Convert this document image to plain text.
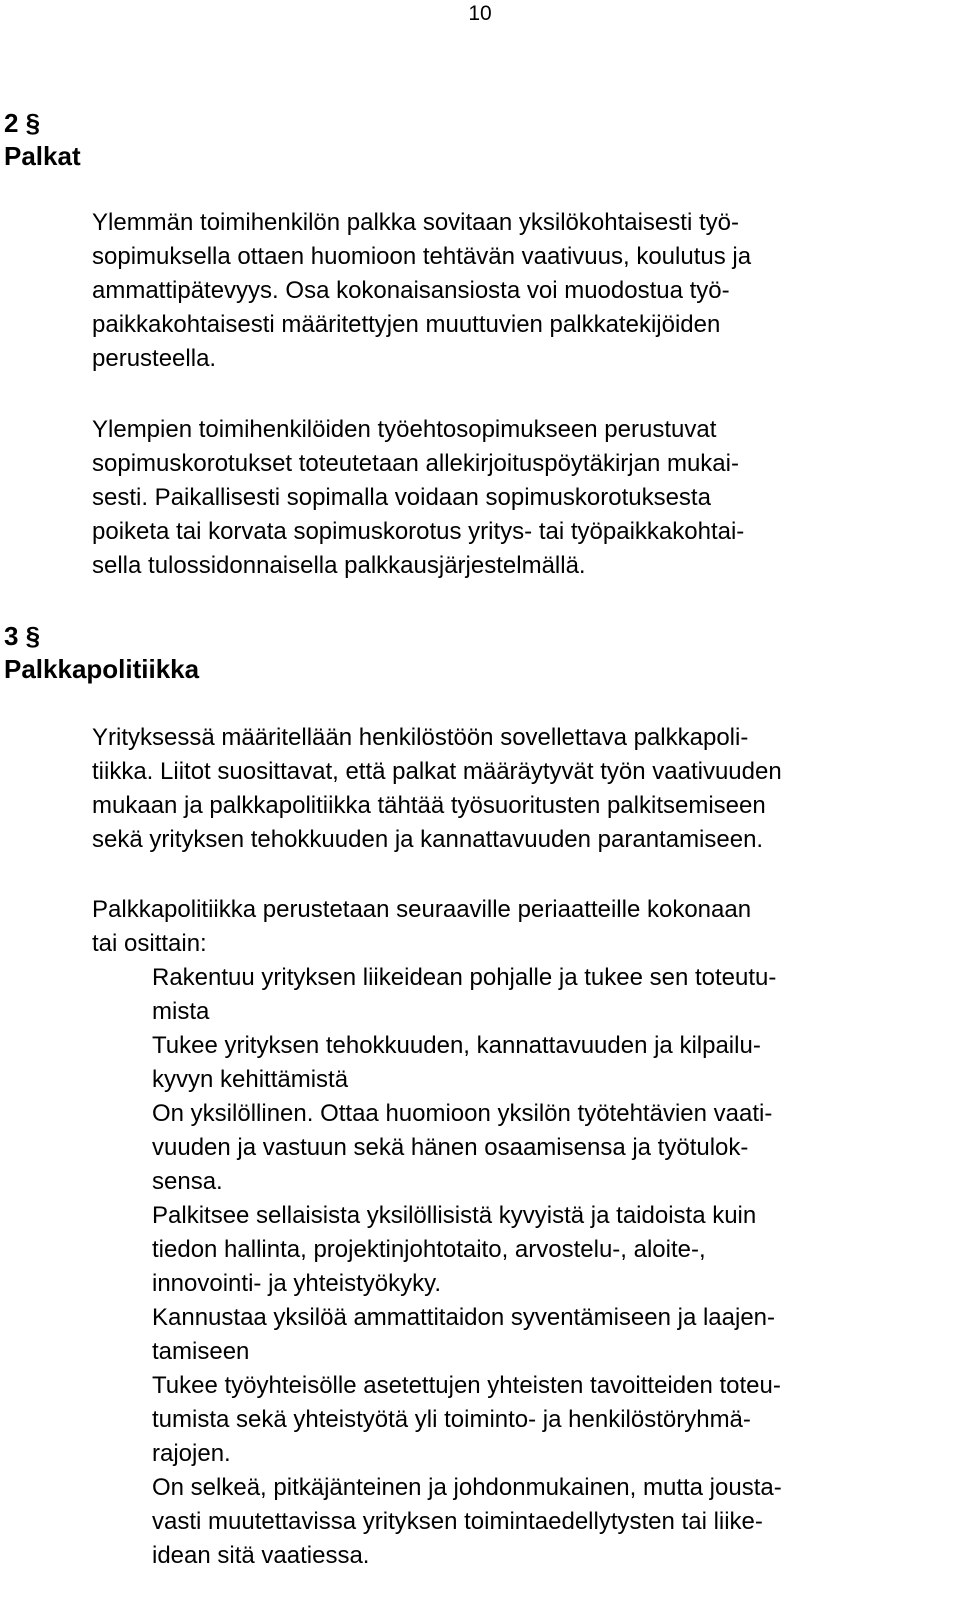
10
2 §
Palkat
Ylemmän toimihenkilön palkka sovitaan yksilökohtaisesti työ-
sopimuksella ottaen huomioon tehtävän vaativuus, koulutus ja
ammattipätevyys. Osa kokonaisansiosta voi muodostua työ-
paikkakohtaisesti määritettyjen muuttuvien palkkatekijöiden
perusteella.
Ylempien toimihenkilöiden työehtosopimukseen perustuvat
sopimuskorotukset toteutetaan allekirjoituspöytäkirjan mukai-
sesti. Paikallisesti sopimalla voidaan sopimuskorotuksesta
poiketa tai korvata sopimuskorotus yritys- tai työpaikkakohtai-
sella tulossidonnaisella palkkausjärjestelmällä.
3 §
Palkkapolitiikka
Yrityksessä määritellään henkilöstöön sovellettava palkkapoli-
tiikka. Liitot suosittavat, että palkat määräytyvät työn vaativuuden
mukaan ja palkkapolitiikka tähtää työsuoritusten palkitsemiseen
sekä yrityksen tehokkuuden ja kannattavuuden parantamiseen.
Palkkapolitiikka perustetaan seuraaville periaatteille kokonaan
tai osittain:
Rakentuu yrityksen liikeidean pohjalle ja tukee sen toteutu-
mista
Tukee yrityksen tehokkuuden, kannattavuuden ja kilpailu-
kyvyn kehittämistä
On yksilöllinen. Ottaa huomioon yksilön työtehtävien vaati-
vuuden ja vastuun sekä hänen osaamisensa ja työtulok-
sensa.
Palkitsee sellaisista yksilöllisistä kyvyistä ja taidoista kuin
tiedon hallinta, projektinjohtotaito, arvostelu-, aloite-,
innovointi- ja yhteistyökyky.
Kannustaa yksilöä ammattitaidon syventämiseen ja laajen-
tamiseen
Tukee työyhteisölle asetettujen yhteisten tavoitteiden toteu-
tumista sekä yhteistyötä yli toiminto- ja henkilöstöryhmä-
rajojen.
On selkeä, pitkäjänteinen ja johdonmukainen, mutta jousta-
vasti muutettavissa yrityksen toimintaedellytysten tai liike-
idean sitä vaatiessa.
